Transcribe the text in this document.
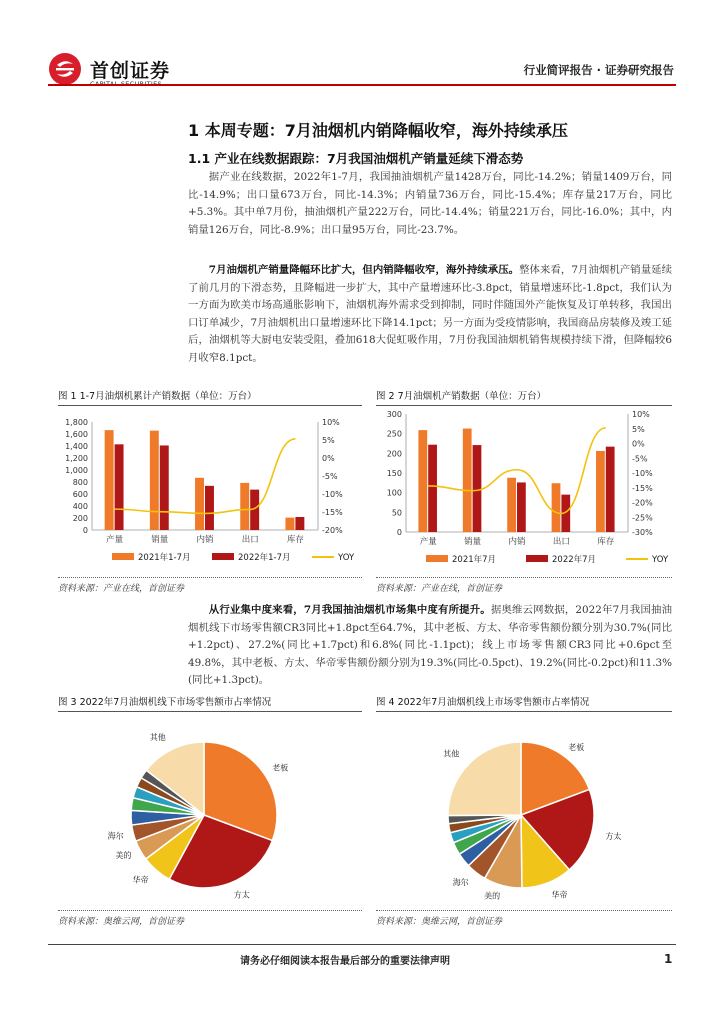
首创证券	行业简评报告 · 证券研究报告
1 本周专题：7月油烟机内销降幅收窄，海外持续承压
1.1 产业在线数据跟踪：7月我国油烟机产销量延续下滑态势
据产业在线数据，2022年1-7月，我国抽油烟机产量1428万台，同比-14.2%；销量1409万台，同比-14.9%；出口量673万台，同比-14.3%；内销量736万台，同比-15.4%；库存量217万台，同比+5.3%。其中单7月份，抽油烟机产量222万台，同比-14.4%；销量221万台，同比-16.0%；其中，内销量126万台，同比-8.9%；出口量95万台，同比-23.7%。
7月油烟机产销量降幅环比扩大，但内销降幅收窄，海外持续承压。整体来看，7月油烟机产销量延续了前几月的下滑态势，且降幅进一步扩大，其中产量增速环比-3.8pct，销量增速环比-1.8pct，我们认为一方面为欧美市场高通胀影响下，油烟机海外需求受到抑制，同时伴随国外产能恢复及订单转移，我国出口订单减少，7月油烟机出口量增速环比下降14.1pct；另一方面为受疫情影响，我国商品房装修及竣工延后，油烟机等大厨电安装受阻，叠加618大促虹吸作用，7月份我国油烟机销售规模持续下滑，但降幅较6月收窄8.1pct。
图 1 1-7月油烟机累计产销数据（单位：万台）	图 2 7月油烟机产销数据（单位：万台）
0
200
400
600
800
1,000
1,200
1,400
1,600
1,800
-20%
-15%
-10%
-5%
0%
5%
10%
产量	销量	内销	出口	库存
2021年1-7月	2022年1-7月	YOY
0
50
100
150
200
250
300
-30%
-25%
-20%
-15%
-10%
-5%
0%
5%
10%
产量	销量	内销	出口	库存
2021年7月	2022年7月	YOY
资料来源：产业在线，首创证券	资料来源：产业在线，首创证券
从行业集中度来看，7月我国抽油烟机市场集中度有所提升。据奥维云网数据，2022年7月我国抽油烟机线下市场零售额CR3同比+1.8pct至64.7%，其中老板、方太、华帝零售额份额分别为30.7%(同比+1.2pct)、27.2%(同比+1.7pct)和6.8%(同比-1.1pct)；线上市场零售额CR3同比+0.6pct至49.8%，其中老板、方太、华帝零售额份额分别为19.3%(同比-0.5pct)、19.2%(同比-0.2pct)和11.3%(同比+1.3pct)。
图 3 2022年7月油烟机线下市场零售额市占率情况	图 4 2022年7月油烟机线上市场零售额市占率情况
老板
方太
华帝
美的
海尔
其他
老板
方太
华帝
美的
海尔
其他
资料来源：奥维云网，首创证券	资料来源：奥维云网，首创证券
请务必仔细阅读本报告最后部分的重要法律声明	1
